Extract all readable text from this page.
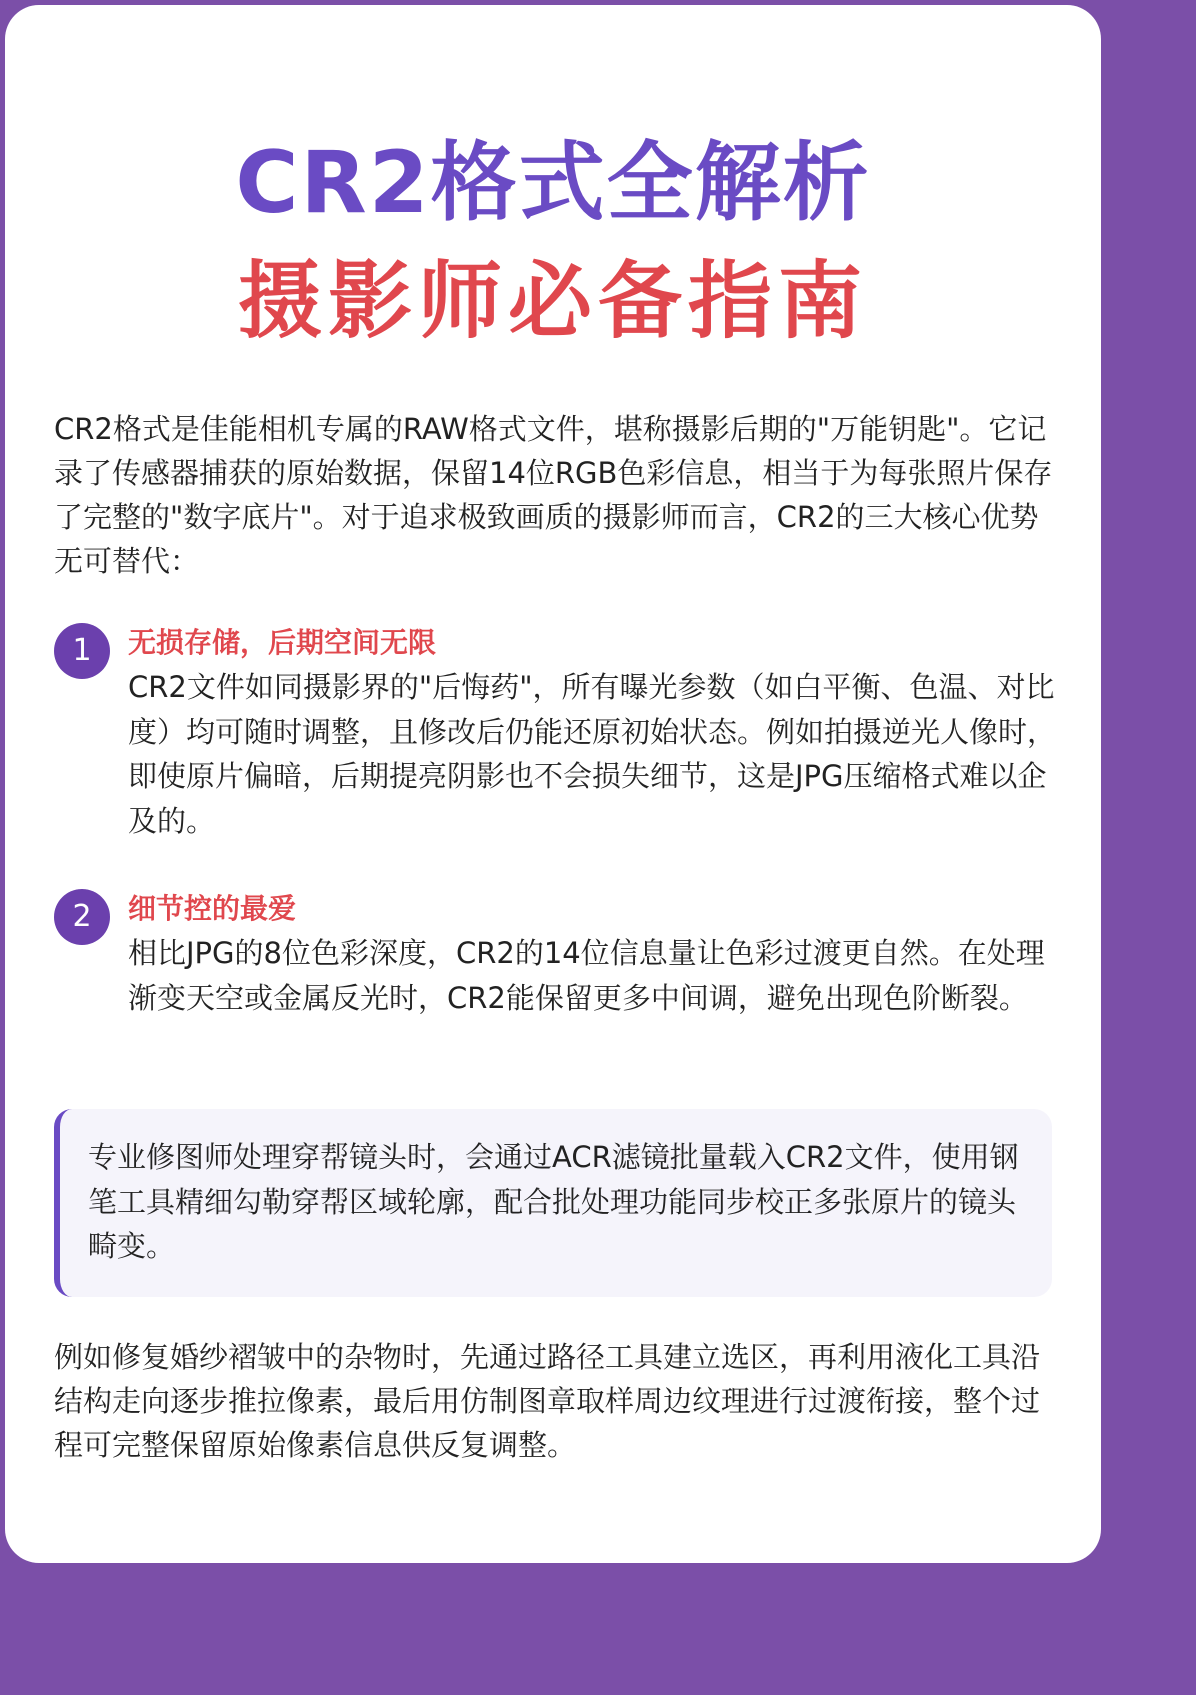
CR2格式全解析
摄影师必备指南

CR2格式是佳能相机专属的RAW格式文件，堪称摄影后期的"万能钥匙"。它记录了传感器捕获的原始数据，保留14位RGB色彩信息，相当于为每张照片保存了完整的"数字底片"。对于追求极致画质的摄影师而言，CR2的三大核心优势无可替代：

1	无损存储，后期空间无限

CR2文件如同摄影界的"后悔药"，所有曝光参数（如白平衡、色温、对比度）均可随时调整，且修改后仍能还原初始状态。例如拍摄逆光人像时，即使原片偏暗，后期提亮阴影也不会损失细节，这是JPG压缩格式难以企及的。

2	细节控的最爱

相比JPG的8位色彩深度，CR2的14位信息量让色彩过渡更自然。在处理渐变天空或金属反光时，CR2能保留更多中间调，避免出现色阶断裂。

专业修图师处理穿帮镜头时，会通过ACR滤镜批量载入CR2文件，使用钢笔工具精细勾勒穿帮区域轮廓，配合批处理功能同步校正多张原片的镜头畸变。

例如修复婚纱褶皱中的杂物时，先通过路径工具建立选区，再利用液化工具沿结构走向逐步推拉像素，最后用仿制图章取样周边纹理进行过渡衔接，整个过程可完整保留原始像素信息供反复调整。
